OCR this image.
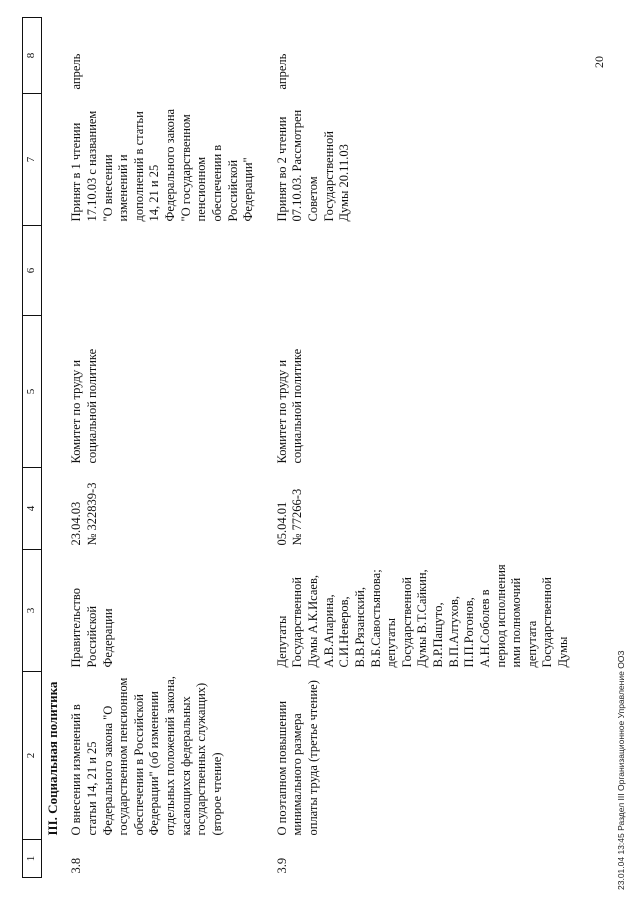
1	2	3	4	5	6	7	8
	III. Социальная политика						
3.8	О внесении изменений в статьи 14, 21 и 25 Федерального закона "О государственном пенсионном обеспечении в Российской Федерации" (об изменении отдельных положений закона, касающихся федеральных государственных служащих) (второе чтение)	Правительство Российской Федерации	23.04.03
№ 322839-3	Комитет по труду и социальной политике		Принят в 1 чтении 17.10.03 с названием "О внесении изменений и дополнений в статьи 14, 21 и 25 Федерального закона "О государственном пенсионном обеспечении в Российской Федерации"	апрель
3.9	О поэтапном повышении минимального размера оплаты труда (третье чтение)	Депутаты Государственной Думы А.К.Исаев, А.В.Апарина, С.И.Неверов, В.В.Рязанский, В.Б.Савостьянова; депутаты Государственной Думы В.Т.Сайкин, В.Р.Пащуто, В.П.Алтухов, П.П.Рогонов, А.Н.Соболев в период исполнения ими полномочий депутата Государственной Думы	05.04.01
№ 77266-3	Комитет по труду и социальной политике		Принят во 2 чтении 07.10.03. Рассмотрен Советом Государственной Думы 20.11.03	апрель
23.01.04 13:45 Раздел III Организационное Управление ООЗ
20
